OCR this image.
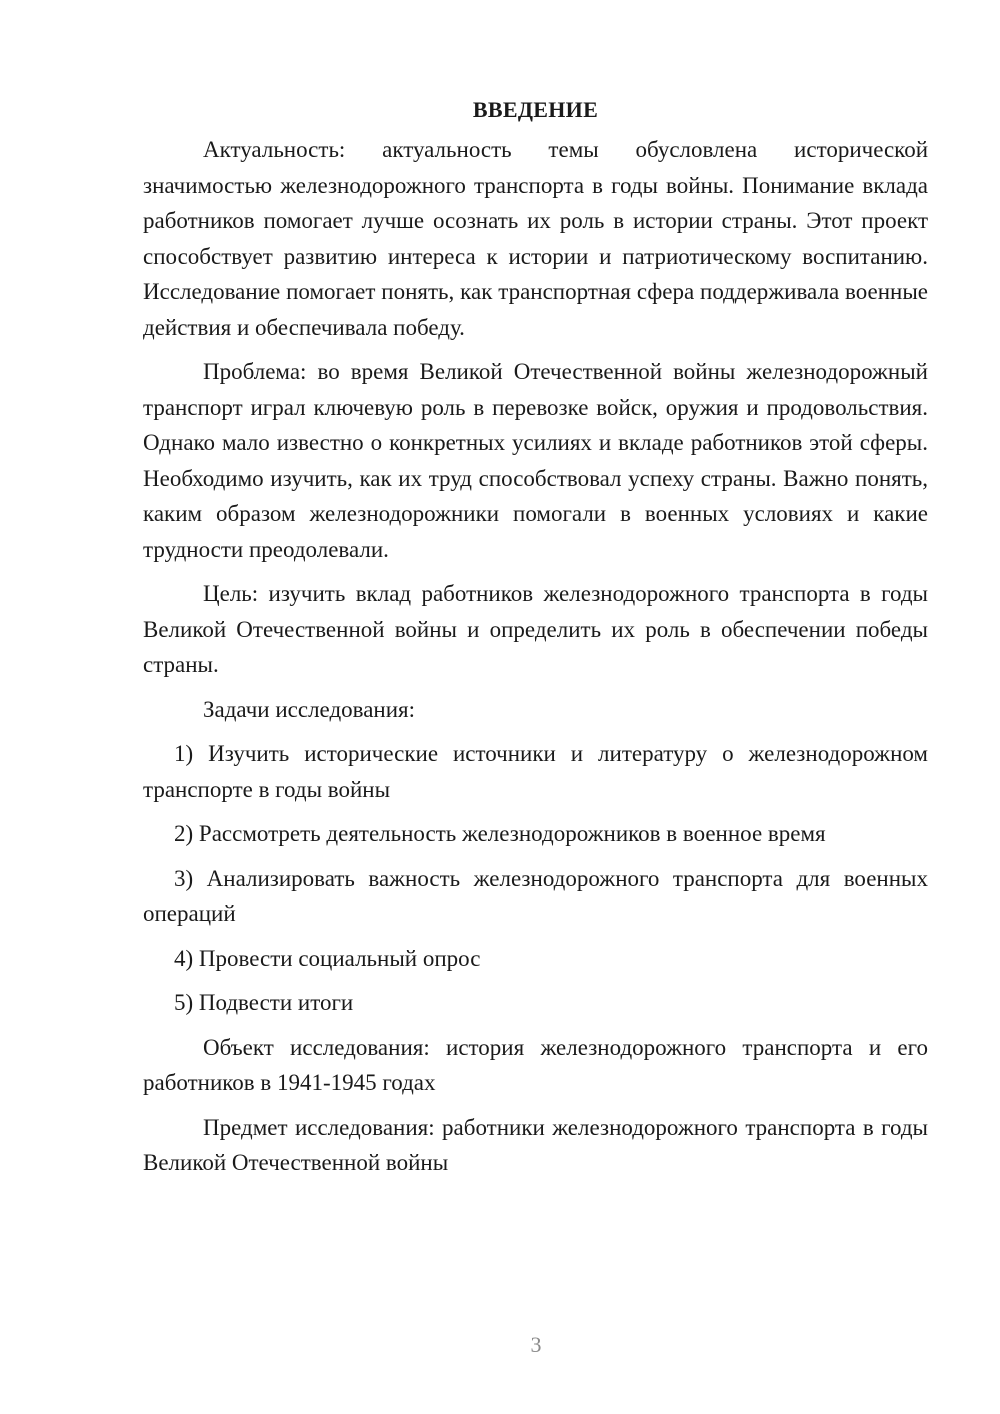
ВВЕДЕНИЕ

Актуальность: актуальность темы обусловлена исторической значимостью железнодорожного транспорта в годы войны. Понимание вклада работников помогает лучше осознать их роль в истории страны. Этот проект способствует развитию интереса к истории и патриотическому воспитанию. Исследование помогает понять, как транспортная сфера поддерживала военные действия и обеспечивала победу.

Проблема: во время Великой Отечественной войны железнодорожный транспорт играл ключевую роль в перевозке войск, оружия и продовольствия. Однако мало известно о конкретных усилиях и вкладе работников этой сферы. Необходимо изучить, как их труд способствовал успеху страны. Важно понять, каким образом железнодорожники помогали в военных условиях и какие трудности преодолевали.

Цель: изучить вклад работников железнодорожного транспорта в годы Великой Отечественной войны и определить их роль в обеспечении победы страны.

Задачи исследования:

1) Изучить исторические источники и литературу о железнодорожном транспорте в годы войны

2) Рассмотреть деятельность железнодорожников в военное время

3) Анализировать важность железнодорожного транспорта для военных операций

4) Провести социальный опрос

5) Подвести итоги

Объект исследования: история железнодорожного транспорта и его работников в 1941-1945 годах

Предмет исследования: работники железнодорожного транспорта в годы Великой Отечественной войны

3
